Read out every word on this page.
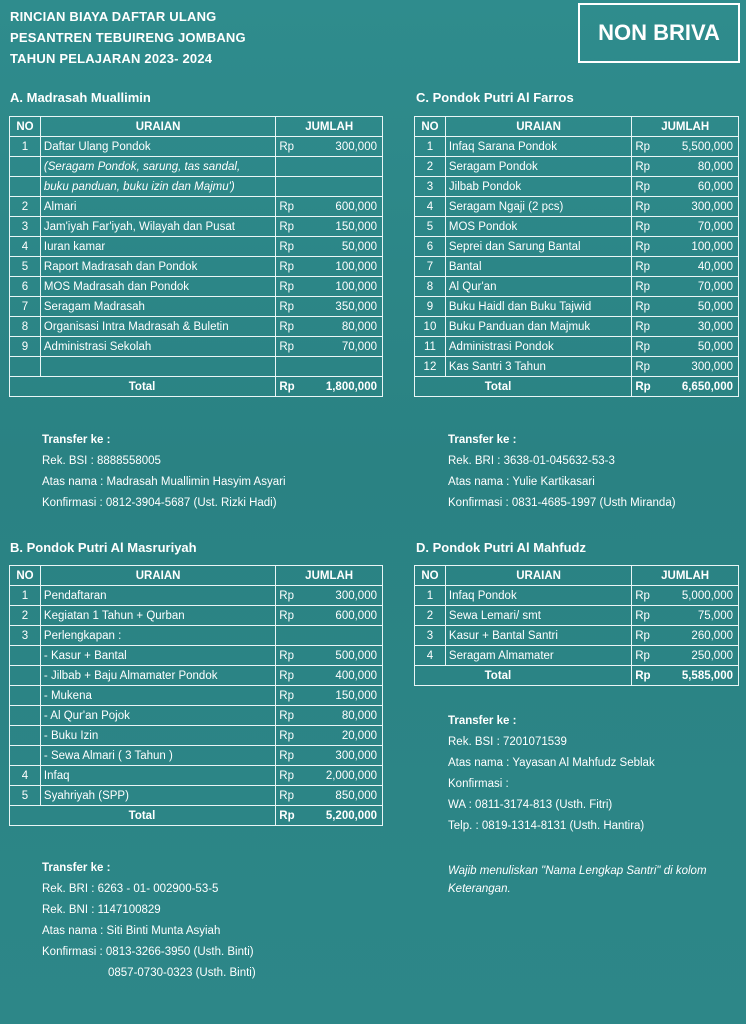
RINCIAN BIAYA DAFTAR ULANG
PESANTREN TEBUIRENG JOMBANG
TAHUN PELAJARAN 2023- 2024
NON BRIVA
A. Madrasah Muallimin
NO	URAIAN	JUMLAH	
1	Daftar Ulang Pondok	Rp	300,000
	(Seragam Pondok, sarung, tas sandal,		
	buku panduan, buku izin dan Majmu')		
2	Almari	Rp	600,000
3	Jam'iyah Far'iyah, Wilayah dan Pusat	Rp	150,000
4	Iuran kamar	Rp	50,000
5	Raport Madrasah dan Pondok	Rp	100,000
6	MOS Madrasah dan Pondok	Rp	100,000
7	Seragam Madrasah	Rp	350,000
8	Organisasi Intra Madrasah & Buletin	Rp	80,000
9	Administrasi Sekolah	Rp	70,000

Total		Rp	1,800,000
C. Pondok Putri Al Farros
NO	URAIAN	JUMLAH	
1	Infaq Sarana Pondok	Rp	5,500,000
2	Seragam Pondok	Rp	80,000
3	Jilbab Pondok	Rp	60,000
4	Seragam Ngaji (2 pcs)	Rp	300,000
5	MOS Pondok	Rp	70,000
6	Seprei dan Sarung Bantal	Rp	100,000
7	Bantal	Rp	40,000
8	Al Qur'an	Rp	70,000
9	Buku Haidl dan Buku Tajwid	Rp	50,000
10	Buku Panduan dan Majmuk	Rp	30,000
11	Administrasi Pondok	Rp	50,000
12	Kas Santri 3 Tahun	Rp	300,000
Total		Rp	6,650,000
Transfer ke :
Rek. BSI : 8888558005
Atas nama : Madrasah Muallimin Hasyim Asyari
Konfirmasi : 0812-3904-5687 (Ust. Rizki Hadi)
Transfer ke :
Rek. BRI : 3638-01-045632-53-3
Atas nama : Yulie Kartikasari
Konfirmasi : 0831-4685-1997 (Usth Miranda)
B. Pondok Putri Al Masruriyah
NO	URAIAN	JUMLAH	
1	Pendaftaran	Rp	300,000
2	Kegiatan 1 Tahun + Qurban	Rp	600,000
3	Perlengkapan :		
	- Kasur + Bantal	Rp	500,000
	- Jilbab + Baju Almamater Pondok	Rp	400,000
	- Mukena	Rp	150,000
	- Al Qur'an Pojok	Rp	80,000
	- Buku Izin	Rp	20,000
	- Sewa Almari ( 3 Tahun )	Rp	300,000
4	Infaq	Rp	2,000,000
5	Syahriyah (SPP)	Rp	850,000
Total		Rp	5,200,000
D. Pondok Putri Al Mahfudz
NO	URAIAN	JUMLAH	
1	Infaq Pondok	Rp	5,000,000
2	Sewa Lemari/ smt	Rp	75,000
3	Kasur + Bantal Santri	Rp	260,000
4	Seragam Almamater	Rp	250,000
Total		Rp	5,585,000
Transfer ke :
Rek. BSI : 7201071539
Atas nama : Yayasan Al Mahfudz Seblak
Konfirmasi :
WA : 0811-3174-813 (Usth. Fitri)
Telp. : 0819-1314-8131 (Usth. Hantira)
Wajib menuliskan "Nama Lengkap Santri" di kolom Keterangan.
Transfer ke :
Rek. BRI : 6263 - 01- 002900-53-5
Rek. BNI : 1147100829
Atas nama : Siti Binti Munta Asyiah
Konfirmasi : 0813-3266-3950 (Usth. Binti)
0857-0730-0323 (Usth. Binti)
